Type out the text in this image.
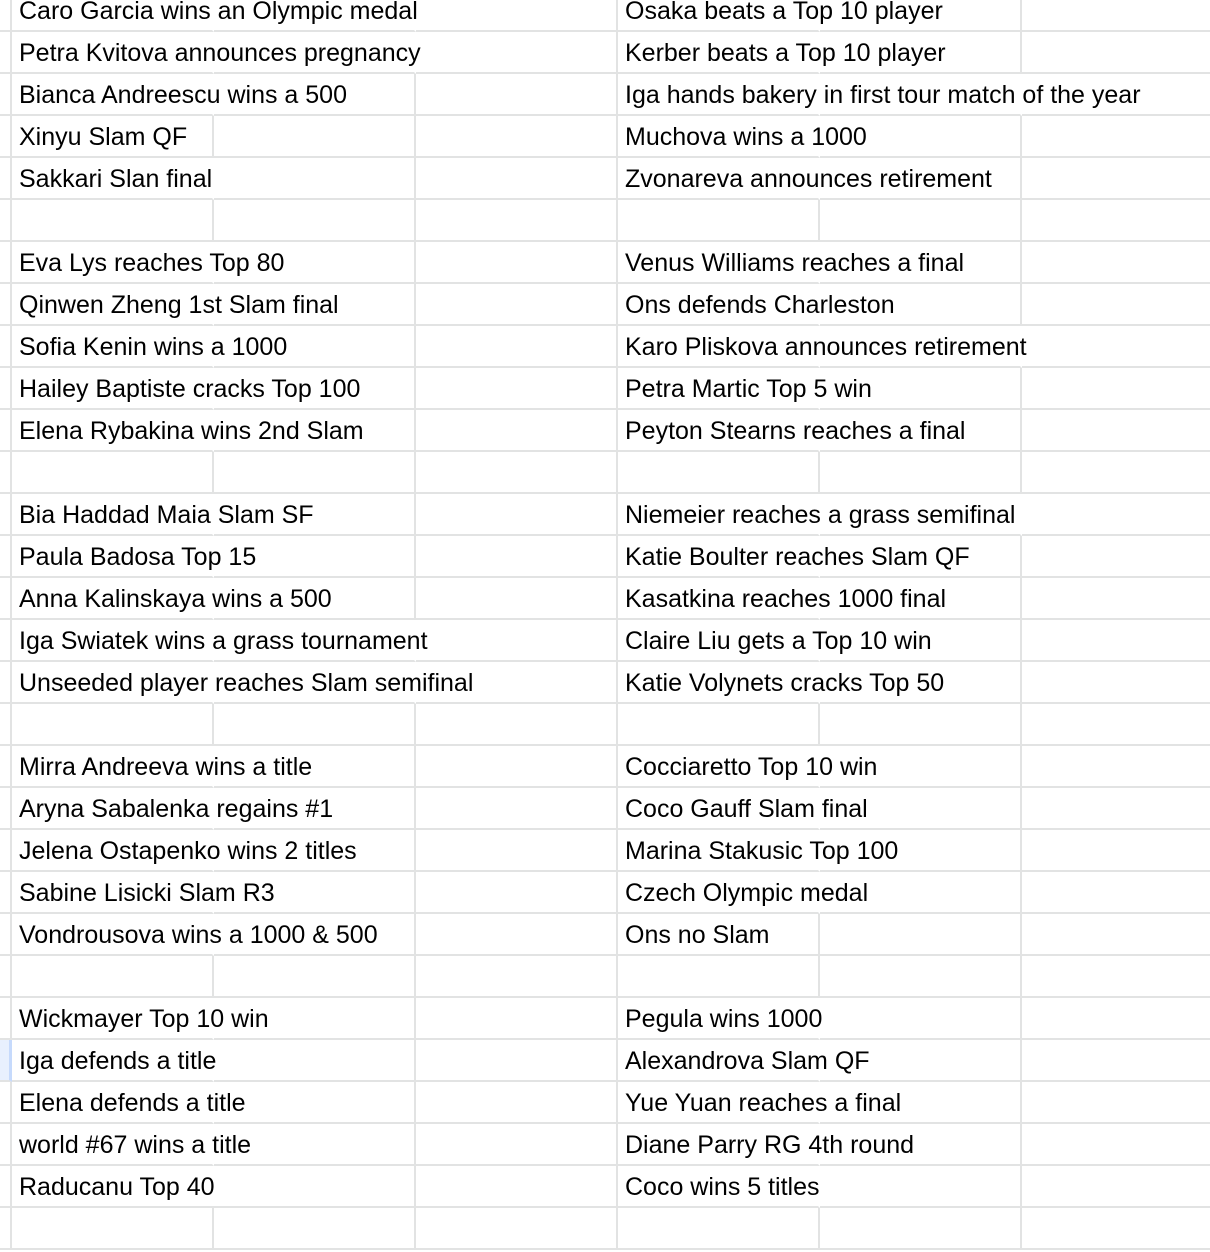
Caro Garcia wins an Olympic medal	Osaka beats a Top 10 player
Petra Kvitova announces pregnancy	Kerber beats a Top 10 player
Bianca Andreescu wins a 500	Iga hands bakery in first tour match of the year
Xinyu Slam QF	Muchova wins a 1000
Sakkari Slan final	Zvonareva announces retirement
Eva Lys reaches Top 80	Venus Williams reaches a final
Qinwen Zheng 1st Slam final	Ons defends Charleston
Sofia Kenin wins a 1000	Karo Pliskova announces retirement
Hailey Baptiste cracks Top 100	Petra Martic Top 5 win
Elena Rybakina wins 2nd Slam	Peyton Stearns reaches a final
Bia Haddad Maia Slam SF	Niemeier reaches a grass semifinal
Paula Badosa Top 15	Katie Boulter reaches Slam QF
Anna Kalinskaya wins a 500	Kasatkina reaches 1000 final
Iga Swiatek wins a grass tournament	Claire Liu gets a Top 10 win
Unseeded player reaches Slam semifinal	Katie Volynets cracks Top 50
Mirra Andreeva wins a title	Cocciaretto Top 10 win
Aryna Sabalenka regains #1	Coco Gauff Slam final
Jelena Ostapenko wins 2 titles	Marina Stakusic Top 100
Sabine Lisicki Slam R3	Czech Olympic medal
Vondrousova wins a 1000 & 500	Ons no Slam
Wickmayer Top 10 win	Pegula wins 1000
Iga defends a title	Alexandrova Slam QF
Elena defends a title	Yue Yuan reaches a final
world #67 wins a title	Diane Parry RG 4th round
Raducanu Top 40	Coco wins 5 titles
